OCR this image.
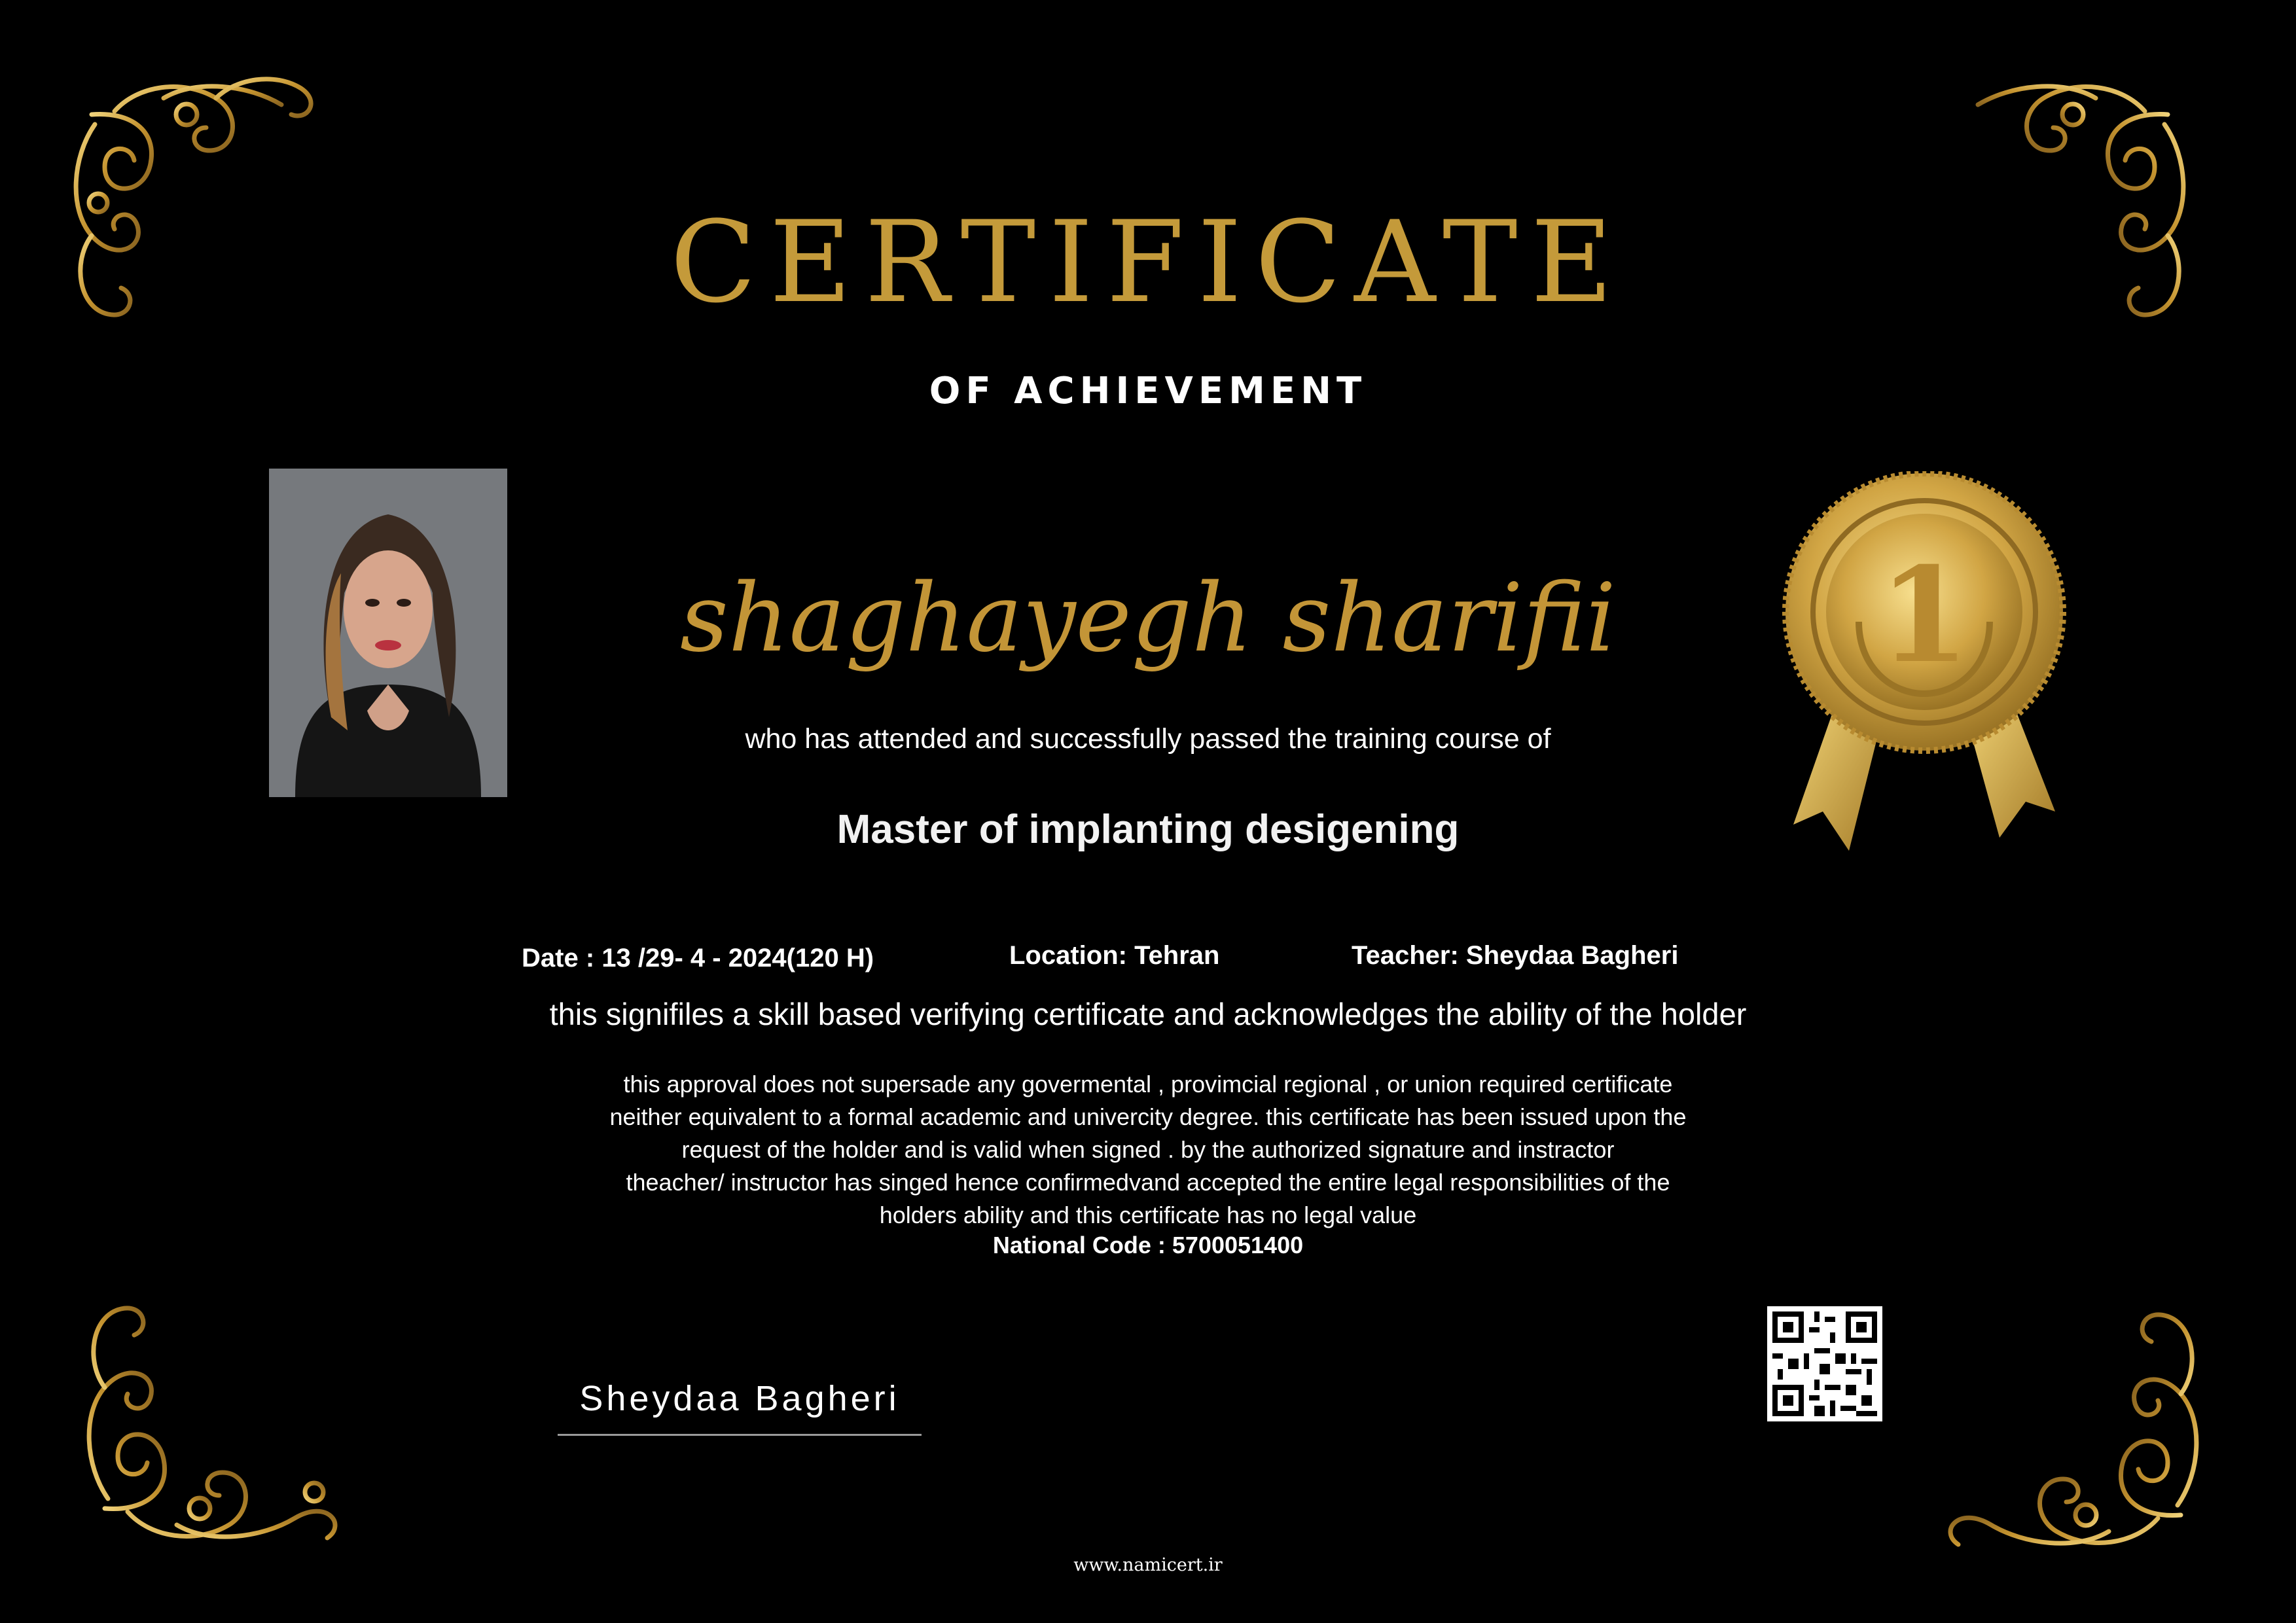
CERTIFICATE
OF ACHIEVEMENT
1
shaghayegh sharifii
who has attended and successfully passed the training course of
Master of implanting desigening
Date : 13 /29- 4 - 2024(120 H)	Location: Tehran	Teacher: Sheydaa Bagheri
this signifiles a skill based verifying certificate and acknowledges the ability of the holder
this approval does not supersade any govermental , provimcial regional , or union required certificate
neither equivalent to a formal academic and univercity degree. this certificate has been issued upon the
request of the holder and is valid when signed . by the authorized signature and instractor
theacher/ instructor has singed hence confirmedvand accepted the entire legal responsibilities of the
holders ability and this certificate has no legal value
National Code : 5700051400
Sheydaa Bagheri
www.namicert.ir
